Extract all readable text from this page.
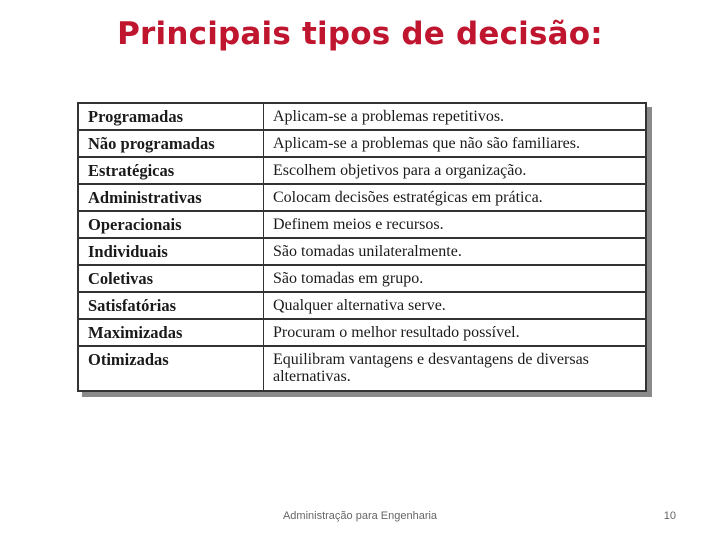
Principais tipos de decisão:
Programadas	Aplicam-se a problemas repetitivos.
Não programadas	Aplicam-se a problemas que não são familiares.
Estratégicas	Escolhem objetivos para a organização.
Administrativas	Colocam decisões estratégicas em prática.
Operacionais	Definem meios e recursos.
Individuais	São tomadas unilateralmente.
Coletivas	São tomadas em grupo.
Satisfatórias	Qualquer alternativa serve.
Maximizadas	Procuram o melhor resultado possível.
Otimizadas	Equilibram vantagens e desvantagens de diversas alternativas.
Administração para Engenharia	10
